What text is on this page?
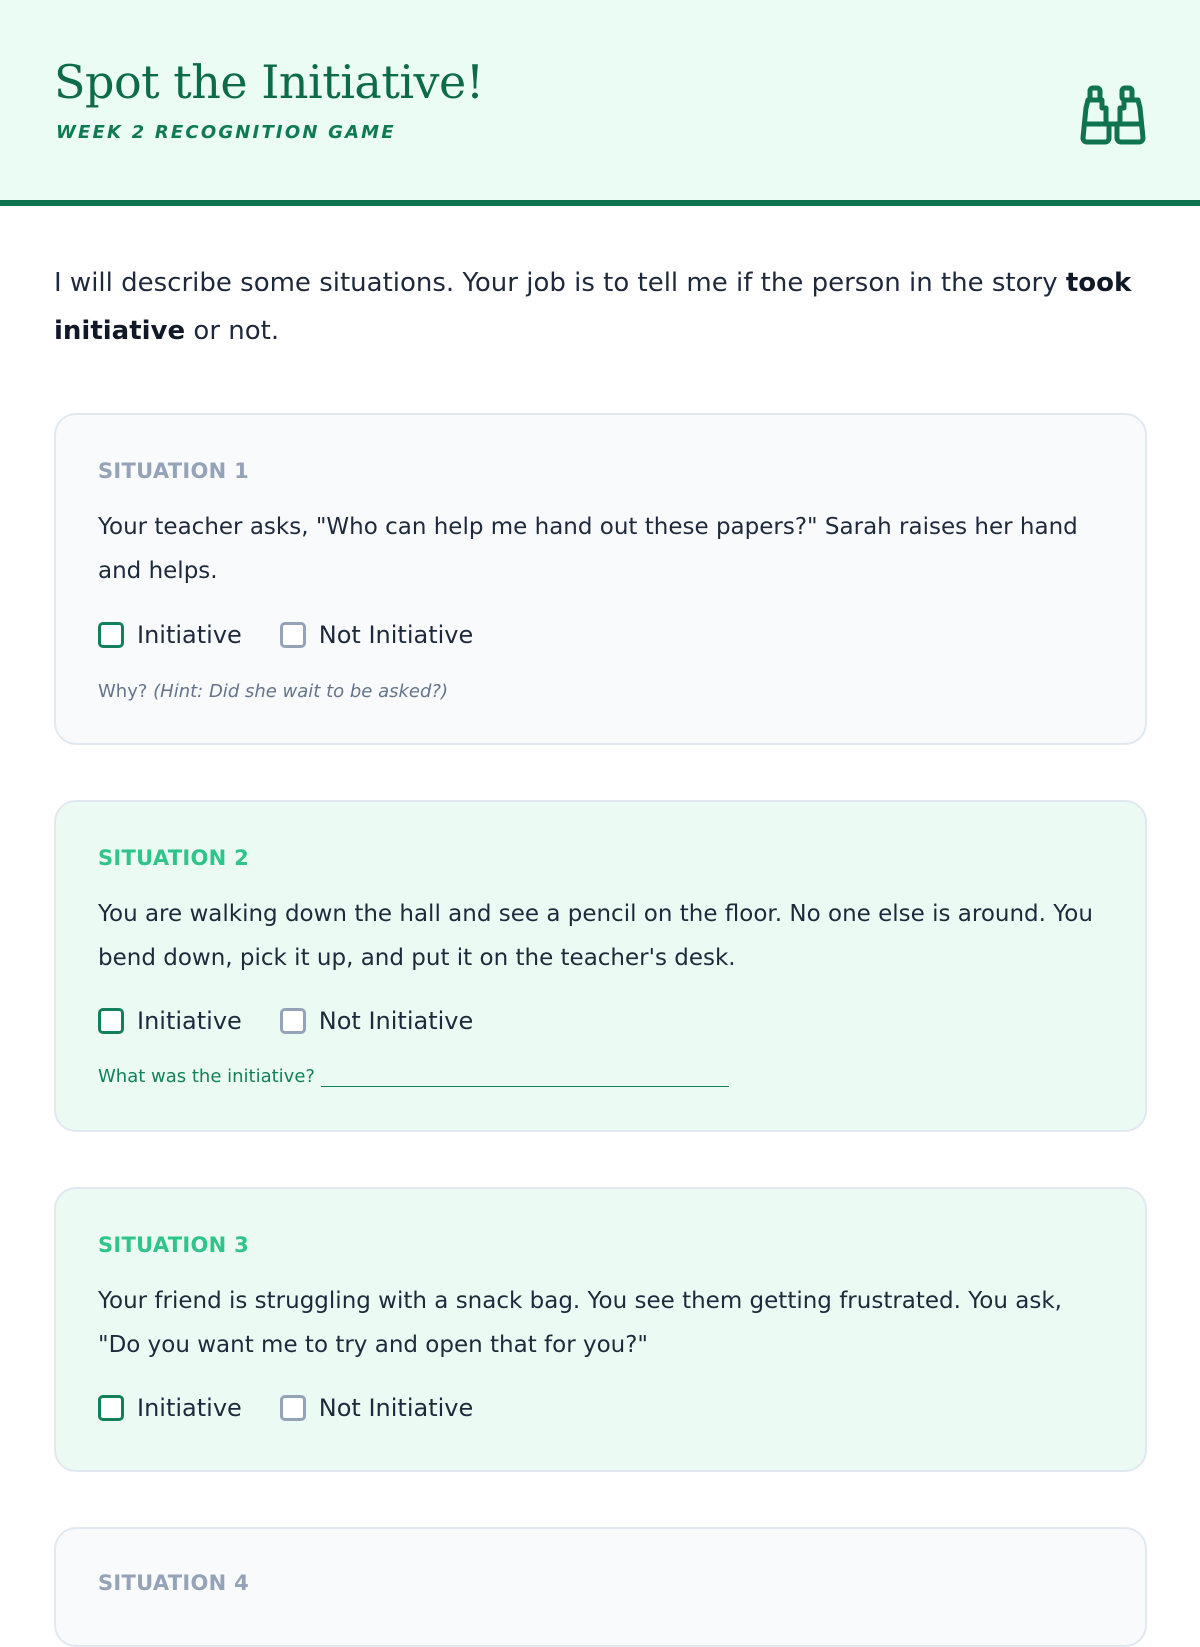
Spot the Initiative!
WEEK 2 RECOGNITION GAME
I will describe some situations. Your job is to tell me if the person in the story took initiative or not.
SITUATION 1
Your teacher asks, "Who can help me hand out these papers?" Sarah raises her hand and helps.
Initiative	Not Initiative
Why? (Hint: Did she wait to be asked?)
SITUATION 2
You are walking down the hall and see a pencil on the floor. No one else is around. You bend down, pick it up, and put it on the teacher's desk.
Initiative	Not Initiative
What was the initiative?
SITUATION 3
Your friend is struggling with a snack bag. You see them getting frustrated. You ask, "Do you want me to try and open that for you?"
Initiative	Not Initiative
SITUATION 4
